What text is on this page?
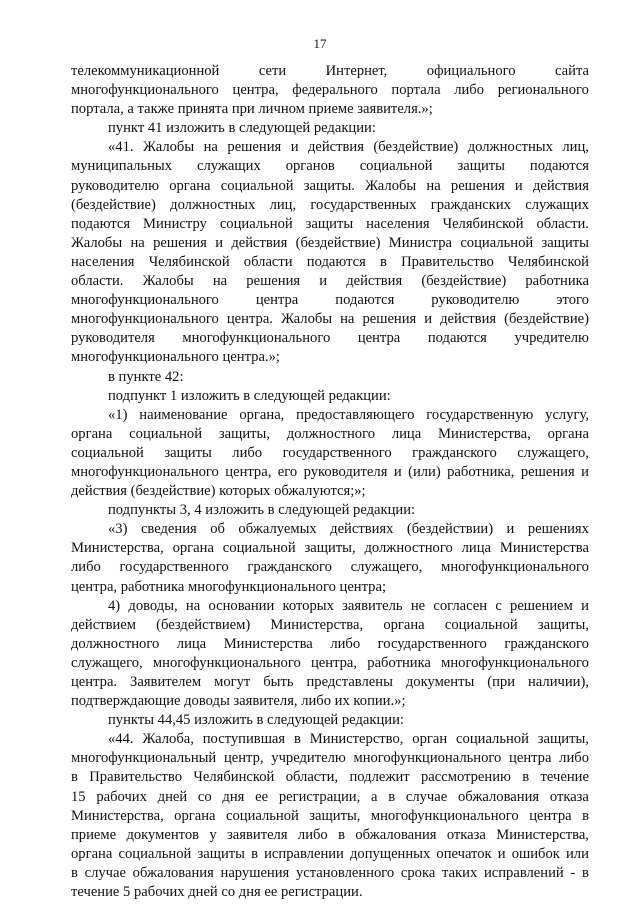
17
телекоммуникационной	сети	Интернет,	официального	сайта
многофункционального центра, федерального портала либо регионального
портала, а также принята при личном приеме заявителя.»;
пункт 41 изложить в следующей редакции:
«41. Жалобы на решения и действия (бездействие) должностных лиц,
муниципальных служащих органов социальной защиты подаются
руководителю органа социальной защиты. Жалобы на решения и действия
(бездействие) должностных лиц, государственных гражданских служащих
подаются Министру социальной защиты населения Челябинской области.
Жалобы на решения и действия (бездействие) Министра социальной защиты
населения Челябинской области подаются в Правительство Челябинской
области. Жалобы на решения и действия (бездействие) работника
многофункционального	центра	подаются	руководителю	этого
многофункционального центра. Жалобы на решения и действия (бездействие)
руководителя многофункционального центра подаются учредителю
многофункционального центра.»;
в пункте 42:
подпункт 1 изложить в следующей редакции:
«1) наименование органа, предоставляющего государственную услугу,
органа социальной защиты, должностного лица Министерства, органа
социальной защиты либо государственного гражданского служащего,
многофункционального центра, его руководителя и (или) работника, решения и
действия (бездействие) которых обжалуются;»;
подпункты 3, 4 изложить в следующей редакции:
«3) сведения об обжалуемых действиях (бездействии) и решениях
Министерства, органа социальной защиты, должностного лица Министерства
либо государственного гражданского служащего, многофункционального
центра, работника многофункционального центра;
4) доводы, на основании которых заявитель не согласен с решением и
действием (бездействием) Министерства, органа социальной защиты,
должностного лица Министерства либо государственного гражданского
служащего, многофункционального центра, работника многофункционального
центра. Заявителем могут быть представлены документы (при наличии),
подтверждающие доводы заявителя, либо их копии.»;
пункты 44,45 изложить в следующей редакции:
«44. Жалоба, поступившая в Министерство, орган социальной защиты,
многофункциональный центр, учредителю многофункционального центра либо
в Правительство Челябинской области, подлежит рассмотрению в течение
15 рабочих дней со дня ее регистрации, а в случае обжалования отказа
Министерства, органа социальной защиты, многофункционального центра в
приеме документов у заявителя либо в обжалования отказа Министерства,
органа социальной защиты в исправлении допущенных опечаток и ошибок или
в случае обжалования нарушения установленного срока таких исправлений - в
течение 5 рабочих дней со дня ее регистрации.
